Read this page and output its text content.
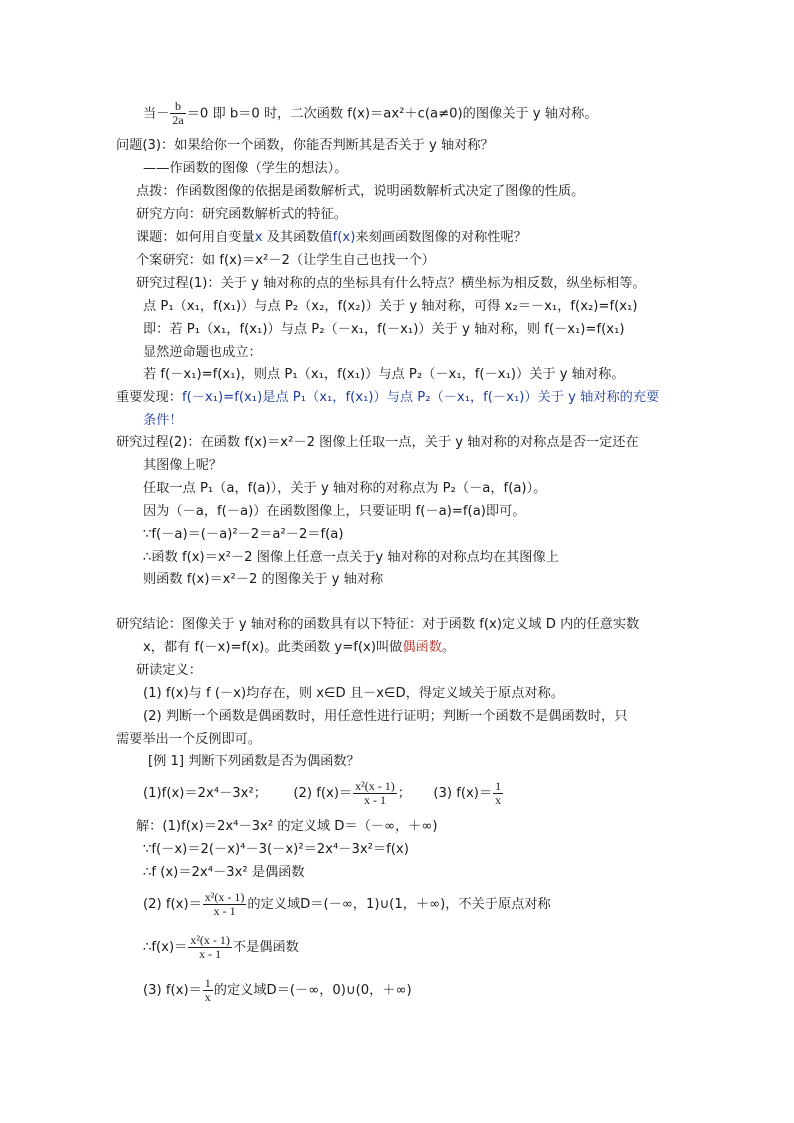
当－ $\frac{b}{2a} =0$ 即 b＝0 时，二次函数 f(x)＝ax²＋c(a≠0)的图像关于 y 轴对称。
问题(3)：如果给你一个函数，你能否判断其是否关于 y 轴对称？
——作函数的图像（学生的想法）。
点拨：作函数图像的依据是函数解析式，说明函数解析式决定了图像的性质。
研究方向：研究函数解析式的特征。
课题：如何用自变量x 及其函数值f(x)来刻画函数图像的对称性呢？
个案研究：如 f(x)＝x²－2（让学生自己也找一个）
研究过程(1)：关于 y 轴对称的点的坐标具有什么特点？横坐标为相反数，纵坐标相等。
点 P₁（x₁，f(x₁)）与点 P₂（x₂，f(x₂)）关于 y 轴对称，可得 x₂＝－x₁，f(x₂)=f(x₁)
即：若 P₁（x₁，f(x₁)）与点 P₂（－x₁，f(－x₁)）关于 y 轴对称，则 f(－x₁)=f(x₁)
显然逆命题也成立：
若 f(－x₁)=f(x₁)，则点 P₁（x₁，f(x₁)）与点 P₂（－x₁，f(－x₁)）关于 y 轴对称。
重要发现：f(－x₁)=f(x₁)是点 P₁（x₁，f(x₁)）与点 P₂（－x₁，f(－x₁)）关于 y 轴对称的充要
条件！
研究过程(2)：在函数 f(x)＝x²－2 图像上任取一点，关于 y 轴对称的对称点是否一定还在
其图像上呢？
任取一点 P₁（a，f(a)），关于 y 轴对称的对称点为 P₂（－a，f(a)）。
因为（－a，f(－a)）在函数图像上，只要证明 f(－a)=f(a)即可。
∵f(－a)＝(－a)²－2＝a²－2＝f(a)
∴函数 f(x)＝x²－2 图像上任意一点关于y 轴对称的对称点均在其图像上
则函数 f(x)＝x²－2 的图像关于 y 轴对称
研究结论：图像关于 y 轴对称的函数具有以下特征：对于函数 f(x)定义域 D 内的任意实数
x，都有 f(－x)=f(x)。此类函数 y=f(x)叫做偶函数。
研读定义：
(1) f(x)与 f (－x)均存在，则 x∈D 且－x∈D，得定义域关于原点对称。
(2) 判断一个函数是偶函数时，用任意性进行证明；判断一个函数不是偶函数时，只
需要举出一个反例即可。
[例 1] 判断下列函数是否为偶函数？
(1)f(x)＝2x⁴－3x²； (2) $f(x)= \frac{\text{x²(x - 1)}}{x - 1}$ ； (3) $f(x)= \frac{1}{x}$
解：(1)f(x)＝2x⁴－3x² 的定义域 D＝（－∞，＋∞)
∵f(－x)＝2(－x)⁴－3(－x)²＝2x⁴－3x²＝f(x)
∴f (x)＝2x⁴－3x² 是偶函数
(2) $f(x)= \frac{\text{x²(x - 1)}}{x - 1}$ 的定义域D＝(－∞，1)∪(1，＋∞)，不关于原点对称
∴f(x)＝ $\frac{\text{x²(x - 1)}}{x - 1}$ 不是偶函数
(3) $f(x)= \frac{1}{x}$ 的定义域D＝(－∞，0)∪(0，＋∞)
